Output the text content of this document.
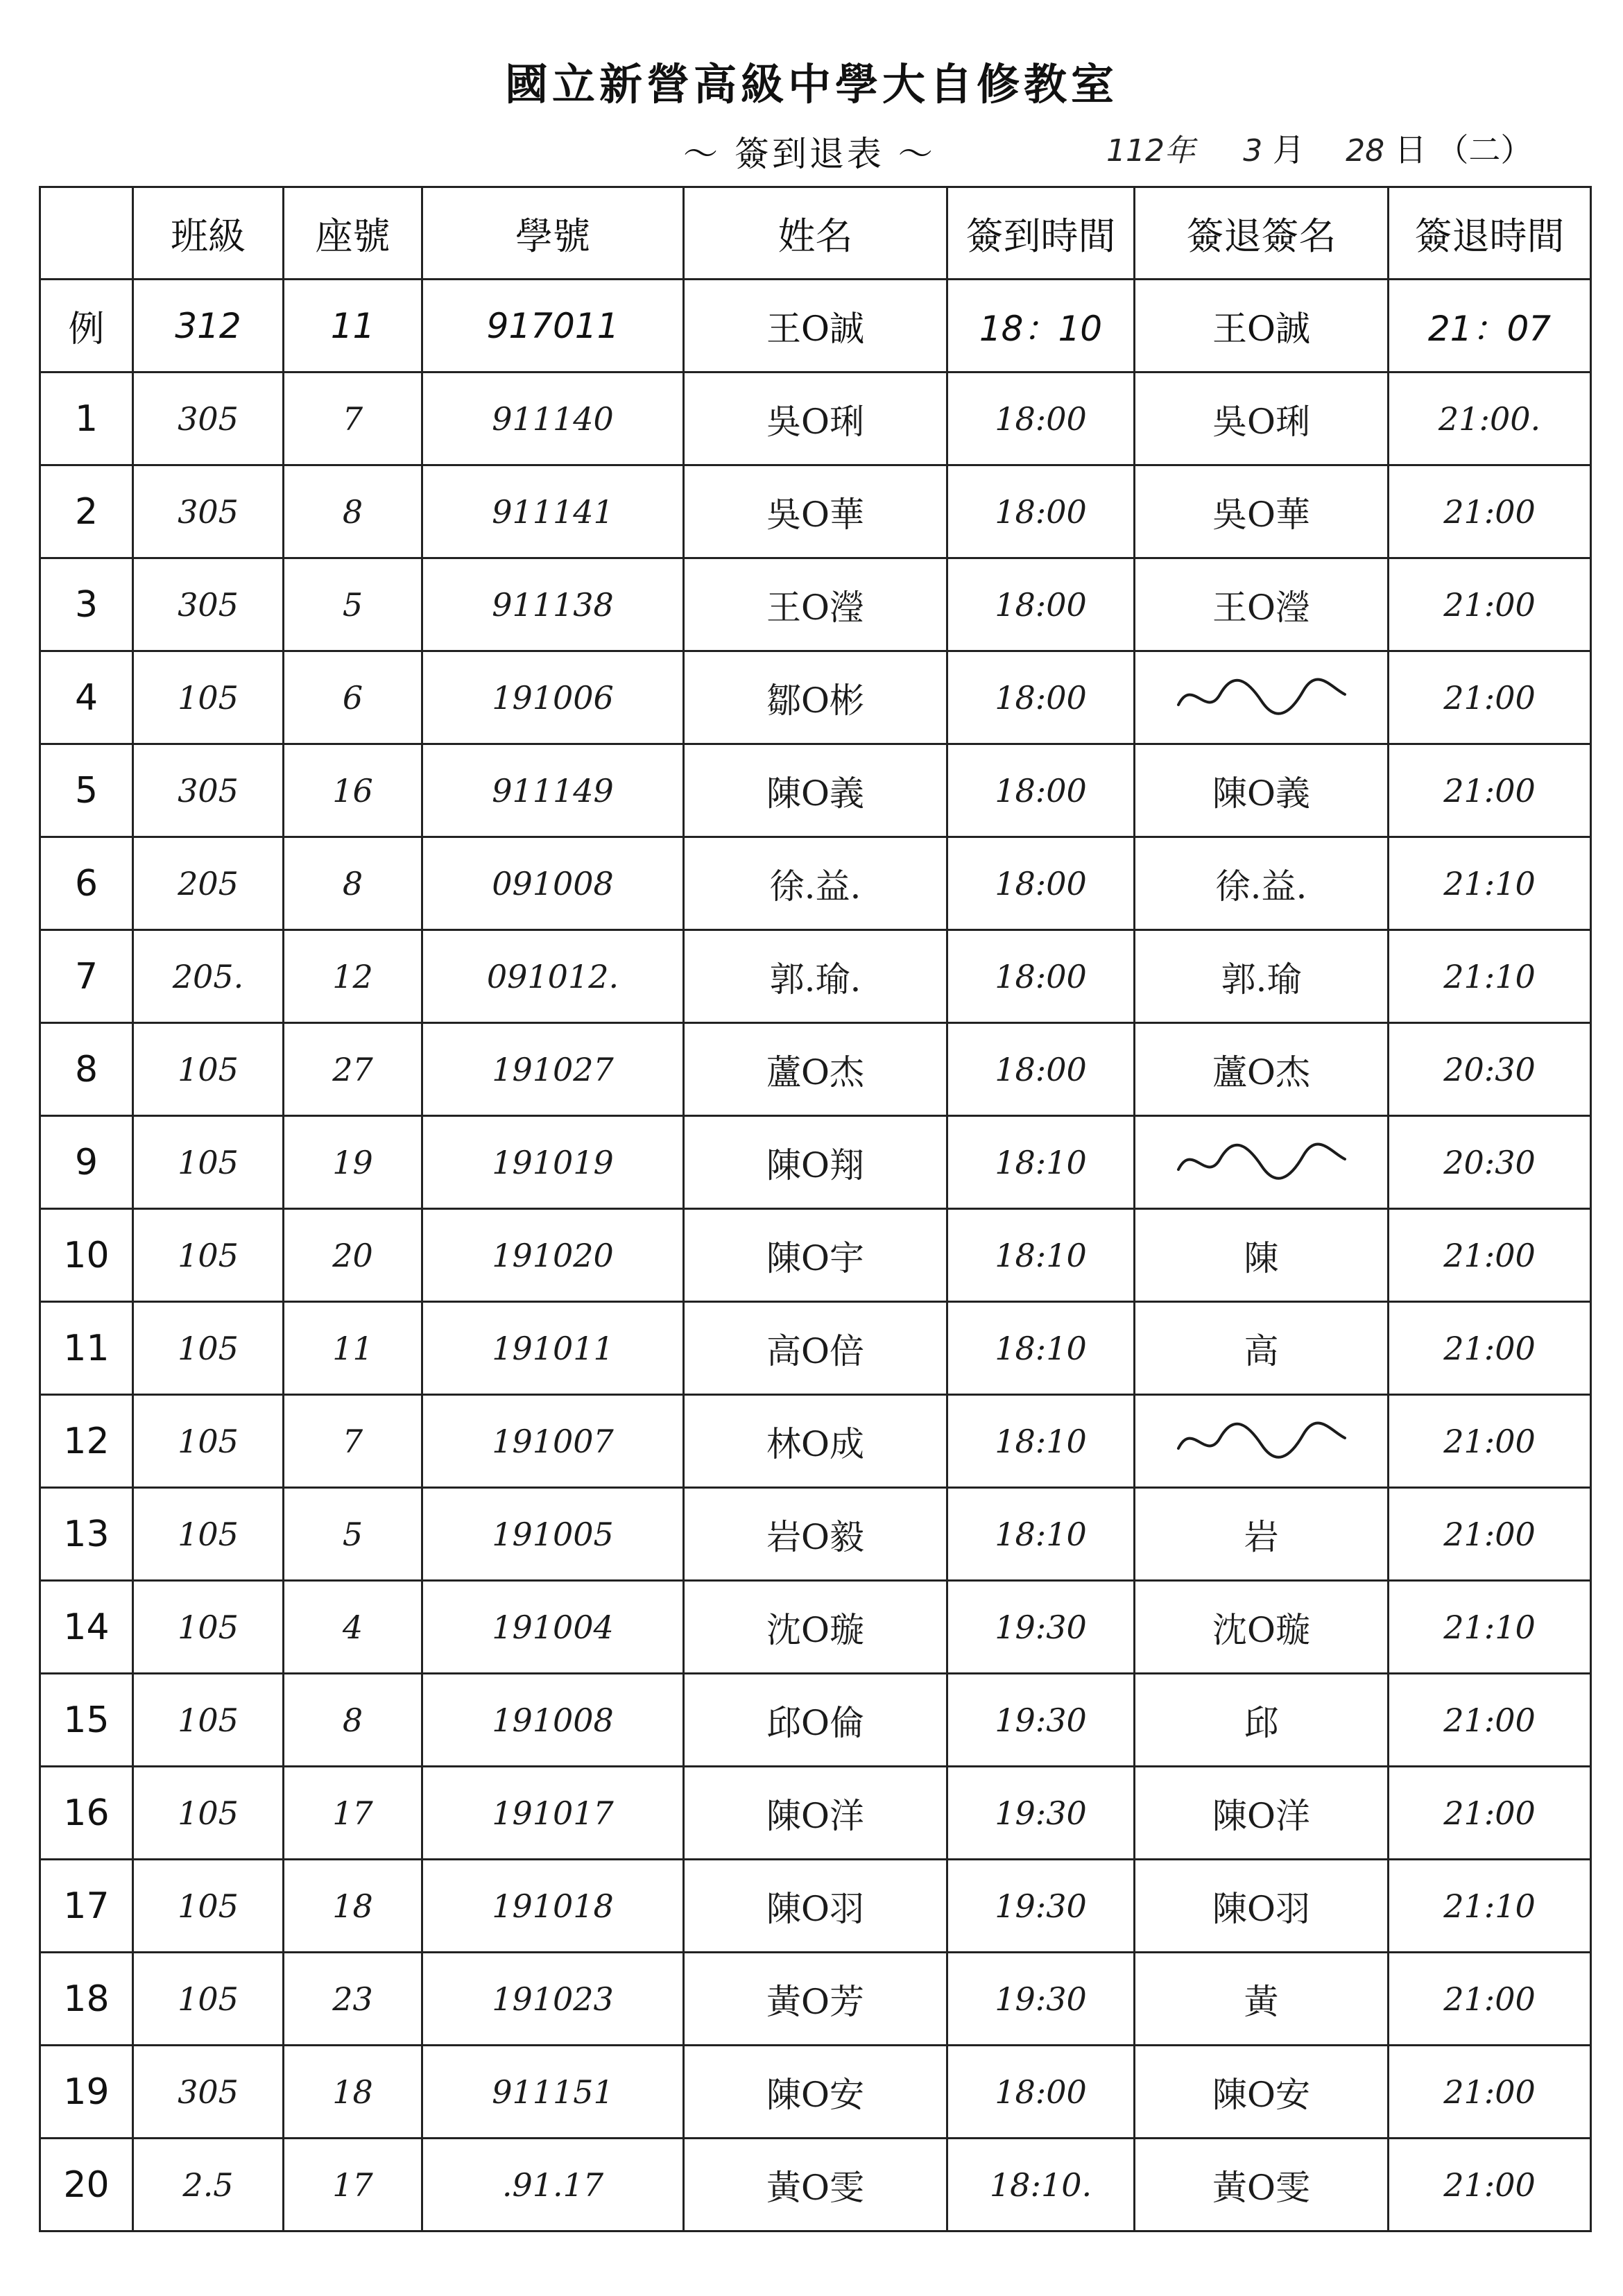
國立新營高級中學大自修教室
～ 簽到退表 ～	112年 3 月 28 日 （二）
	班級	座號	學號	姓名	簽到時間	簽退簽名	簽退時間
例	312	11	917011	王O誠	18：10	王O誠	21：07
1	305	7	911140	吳O琍	18:00	吳O琍	21:00.
2	305	8	911141	吳O華	18:00	吳O華	21:00
3	305	5	911138	王O瀅	18:00	王O瀅	21:00
4	105	6	191006	鄒O彬	18:00		21:00
5	305	16	911149	陳O義	18:00	陳O義	21:00
6	205	8	091008	徐.益.	18:00	徐.益.	21:10
7	205.	12	091012.	郭.瑜.	18:00	郭.瑜	21:10
8	105	27	191027	蘆O杰	18:00	蘆O杰	20:30
9	105	19	191019	陳O翔	18:10		20:30
10	105	20	191020	陳O宇	18:10	陳	21:00
11	105	11	191011	高O倍	18:10	高	21:00
12	105	7	191007	林O成	18:10		21:00
13	105	5	191005	岩O毅	18:10	岩	21:00
14	105	4	191004	沈O璇	19:30	沈O璇	21:10
15	105	8	191008	邱O倫	19:30	邱	21:00
16	105	17	191017	陳O洋	19:30	陳O洋	21:00
17	105	18	191018	陳O羽	19:30	陳O羽	21:10
18	105	23	191023	黃O芳	19:30	黃	21:00
19	305	18	911151	陳O安	18:00	陳O安	21:00
20	2.5	17	.91.17	黃O雯	18:10.	黃O雯	21:00
